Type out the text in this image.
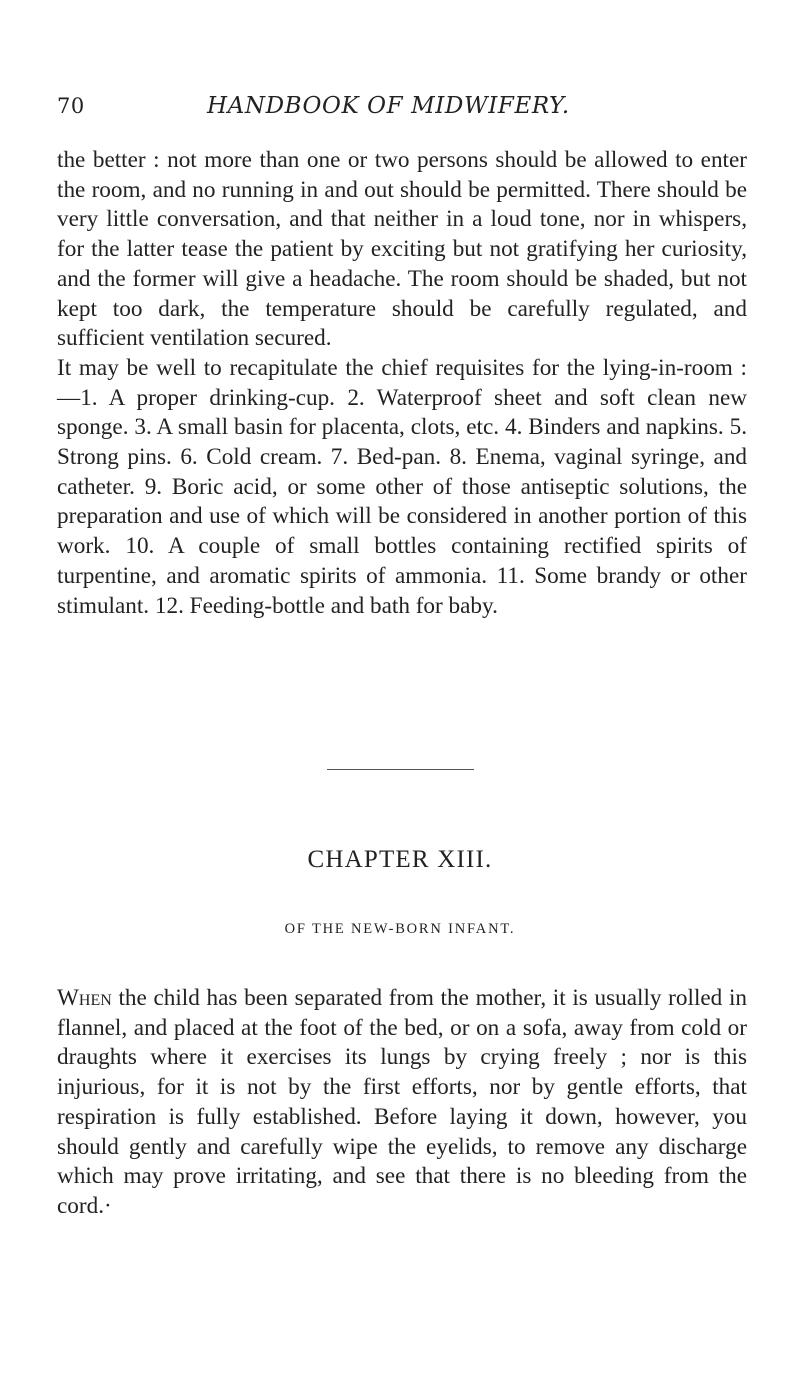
70	HANDBOOK OF MIDWIFERY.

the better : not more than one or two persons should be allowed to enter the room, and no running in and out should be permitted. There should be very little conversation, and that neither in a loud tone, nor in whispers, for the latter tease the patient by exciting but not gratifying her curiosity, and the former will give a headache. The room should be shaded, but not kept too dark, the temperature should be carefully regulated, and sufficient ventilation secured.

It may be well to recapitulate the chief requisites for the lying-in-room :—1. A proper drinking-cup. 2. Waterproof sheet and soft clean new sponge. 3. A small basin for placenta, clots, etc. 4. Binders and napkins. 5. Strong pins. 6. Cold cream. 7. Bed-pan. 8. Enema, vaginal syringe, and catheter. 9. Boric acid, or some other of those antiseptic solutions, the preparation and use of which will be considered in another portion of this work. 10. A couple of small bottles containing rectified spirits of turpentine, and aromatic spirits of ammonia. 11. Some brandy or other stimulant. 12. Feeding-bottle and bath for baby.

CHAPTER XIII.
OF THE NEW-BORN INFANT.

When the child has been separated from the mother, it is usually rolled in flannel, and placed at the foot of the bed, or on a sofa, away from cold or draughts where it exercises its lungs by crying freely ; nor is this injurious, for it is not by the first efforts, nor by gentle efforts, that respiration is fully established. Before laying it down, however, you should gently and carefully wipe the eyelids, to remove any discharge which may prove irritating, and see that there is no bleeding from the cord.·
